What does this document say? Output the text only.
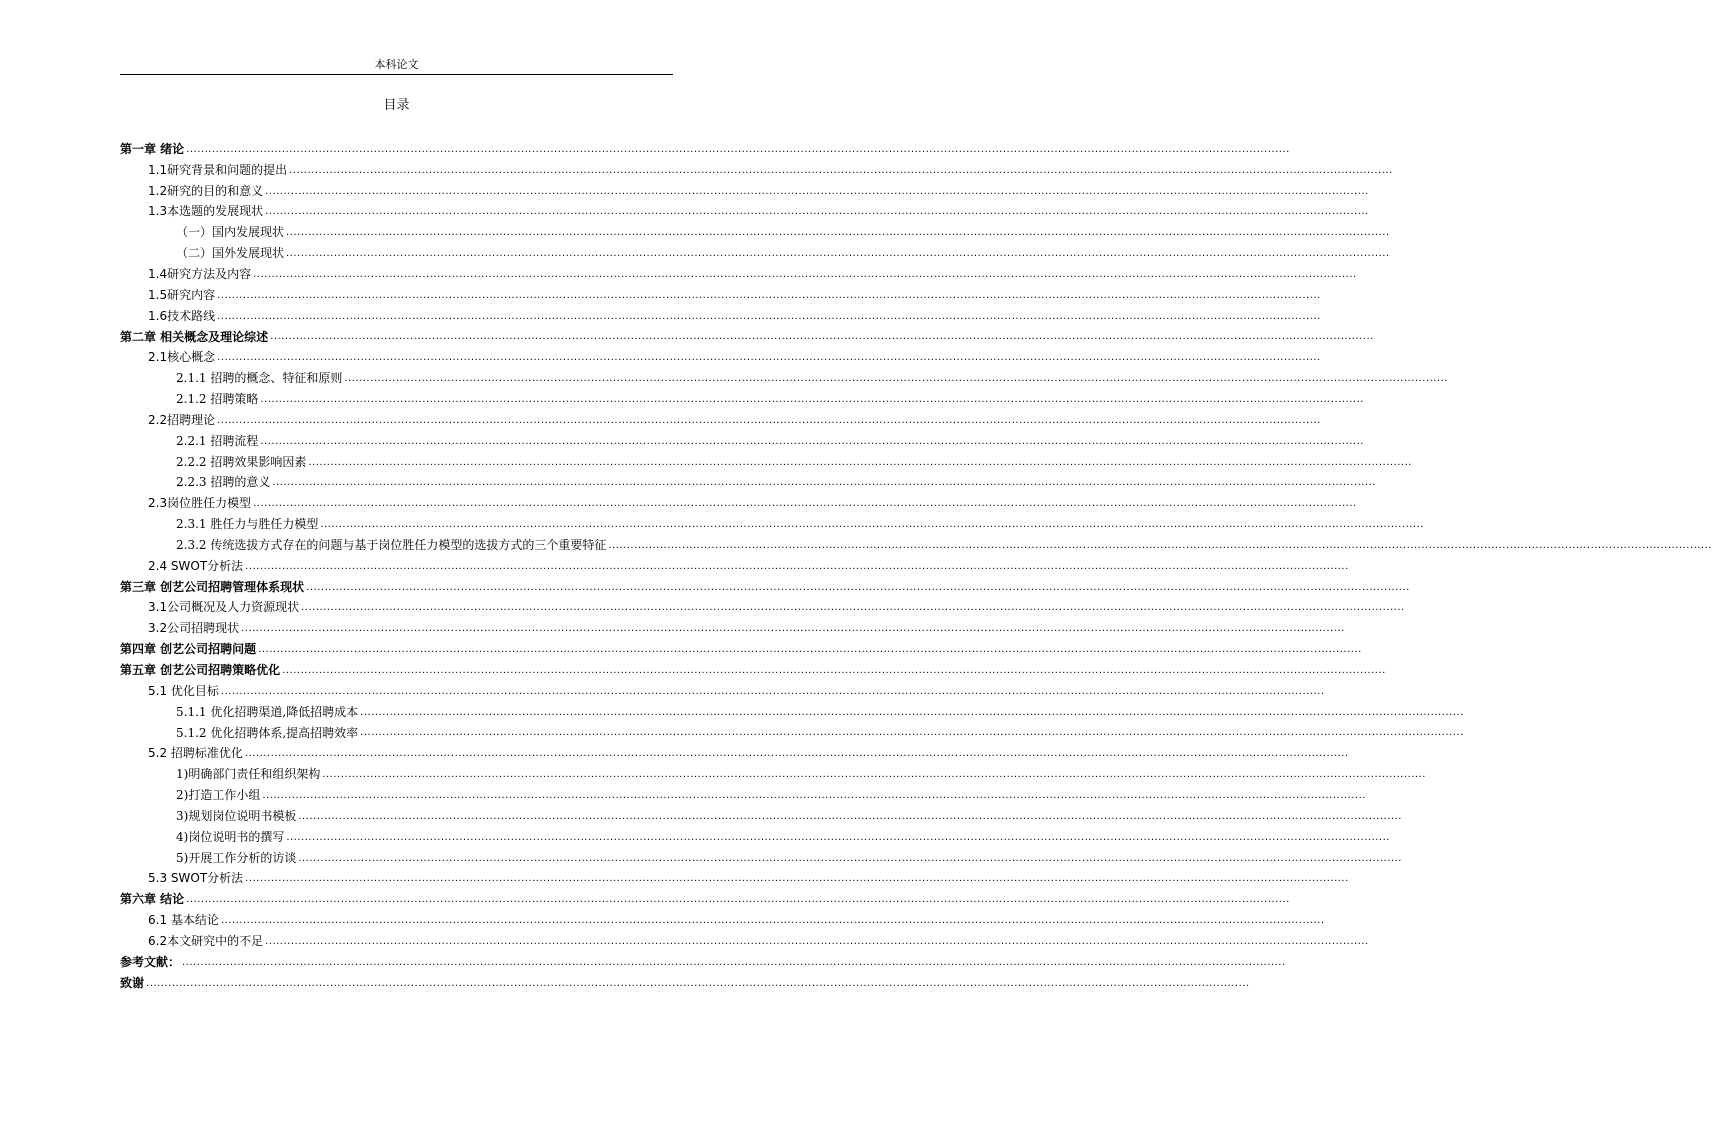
本科论文
目录
第一章 绪论 ............................................................................................................................................................................................................................................................................................................
1.1研究背景和问题的提出 ............................................................................................................................................................................................................................................................................................................
1.2研究的目的和意义 ............................................................................................................................................................................................................................................................................................................
1.3本选题的发展现状 ............................................................................................................................................................................................................................................................................................................
（一）国内发展现状 ............................................................................................................................................................................................................................................................................................................
（二）国外发展现状 ............................................................................................................................................................................................................................................................................................................
1.4研究方法及内容 ............................................................................................................................................................................................................................................................................................................
1.5研究内容 ............................................................................................................................................................................................................................................................................................................
1.6技术路线 ............................................................................................................................................................................................................................................................................................................
第二章 相关概念及理论综述 ............................................................................................................................................................................................................................................................................................................
2.1核心概念 ............................................................................................................................................................................................................................................................................................................
2.1.1 招聘的概念、特征和原则 ............................................................................................................................................................................................................................................................................................................
2.1.2 招聘策略 ............................................................................................................................................................................................................................................................................................................
2.2招聘理论 ............................................................................................................................................................................................................................................................................................................
2.2.1 招聘流程 ............................................................................................................................................................................................................................................................................................................
2.2.2 招聘效果影响因素 ............................................................................................................................................................................................................................................................................................................
2.2.3 招聘的意义 ............................................................................................................................................................................................................................................................................................................
2.3岗位胜任力模型 ............................................................................................................................................................................................................................................................................................................
2.3.1 胜任力与胜任力模型 ............................................................................................................................................................................................................................................................................................................
2.3.2 传统选拔方式存在的问题与基于岗位胜任力模型的选拔方式的三个重要特征 ............................................................................................................................................................................................................................................................................................................
2.4 SWOT分析法 ............................................................................................................................................................................................................................................................................................................
第三章 创艺公司招聘管理体系现状 ............................................................................................................................................................................................................................................................................................................
3.1公司概况及人力资源现状 ............................................................................................................................................................................................................................................................................................................
3.2公司招聘现状 ............................................................................................................................................................................................................................................................................................................
第四章 创艺公司招聘问题 ............................................................................................................................................................................................................................................................................................................
第五章 创艺公司招聘策略优化 ............................................................................................................................................................................................................................................................................................................
5.1 优化目标 ............................................................................................................................................................................................................................................................................................................
5.1.1 优化招聘渠道,降低招聘成本 ............................................................................................................................................................................................................................................................................................................
5.1.2 优化招聘体系,提高招聘效率 ............................................................................................................................................................................................................................................................................................................
5.2 招聘标准优化 ............................................................................................................................................................................................................................................................................................................
1)明确部门责任和组织架构 ............................................................................................................................................................................................................................................................................................................
2)打造工作小组 ............................................................................................................................................................................................................................................................................................................
3)规划岗位说明书模板 ............................................................................................................................................................................................................................................................................................................
4)岗位说明书的撰写 ............................................................................................................................................................................................................................................................................................................
5)开展工作分析的访谈 ............................................................................................................................................................................................................................................................................................................
5.3 SWOT分析法 ............................................................................................................................................................................................................................................................................................................
第六章 结论 ............................................................................................................................................................................................................................................................................................................
6.1 基本结论 ............................................................................................................................................................................................................................................................................................................
6.2本文研究中的不足 ............................................................................................................................................................................................................................................................................................................
参考文献： ............................................................................................................................................................................................................................................................................................................
致谢 ............................................................................................................................................................................................................................................................................................................
